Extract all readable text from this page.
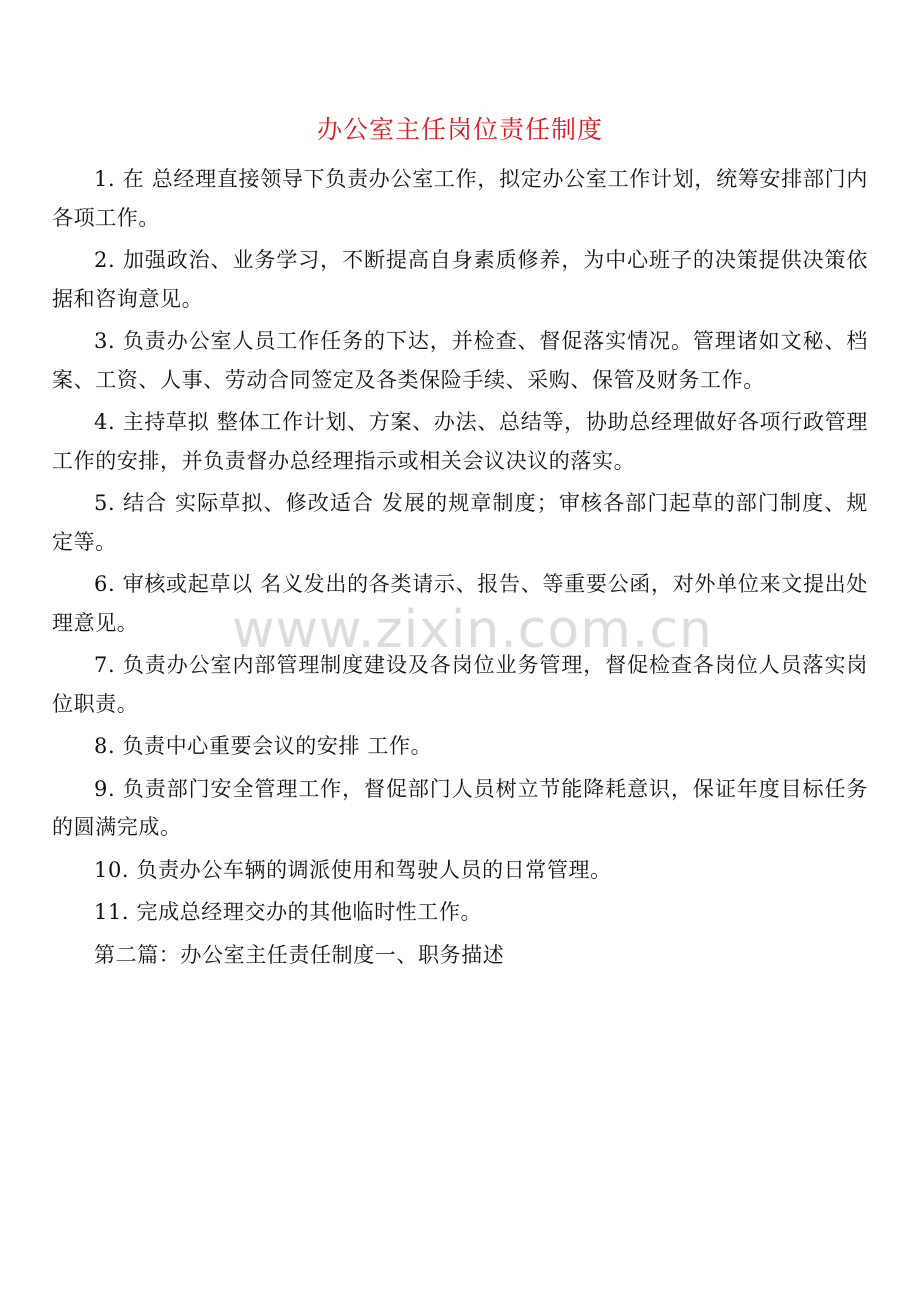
办公室主任岗位责任制度

1. 在 总经理直接领导下负责办公室工作，拟定办公室工作计划，统筹安排部门内各项工作。

2. 加强政治、业务学习，不断提高自身素质修养，为中心班子的决策提供决策依据和咨询意见。

3. 负责办公室人员工作任务的下达，并检查、督促落实情况。管理诸如文秘、档案、工资、人事、劳动合同签定及各类保险手续、采购、保管及财务工作。

4. 主持草拟 整体工作计划、方案、办法、总结等，协助总经理做好各项行政管理工作的安排，并负责督办总经理指示或相关会议决议的落实。

5. 结合 实际草拟、修改适合 发展的规章制度；审核各部门起草的部门制度、规定等。

6. 审核或起草以 名义发出的各类请示、报告、等重要公函，对外单位来文提出处理意见。

7. 负责办公室内部管理制度建设及各岗位业务管理，督促检查各岗位人员落实岗位职责。

8. 负责中心重要会议的安排 工作。

9. 负责部门安全管理工作，督促部门人员树立节能降耗意识，保证年度目标任务的圆满完成。

10. 负责办公车辆的调派使用和驾驶人员的日常管理。

11. 完成总经理交办的其他临时性工作。

第二篇：办公室主任责任制度一、职务描述

www.zixin.com.cn
